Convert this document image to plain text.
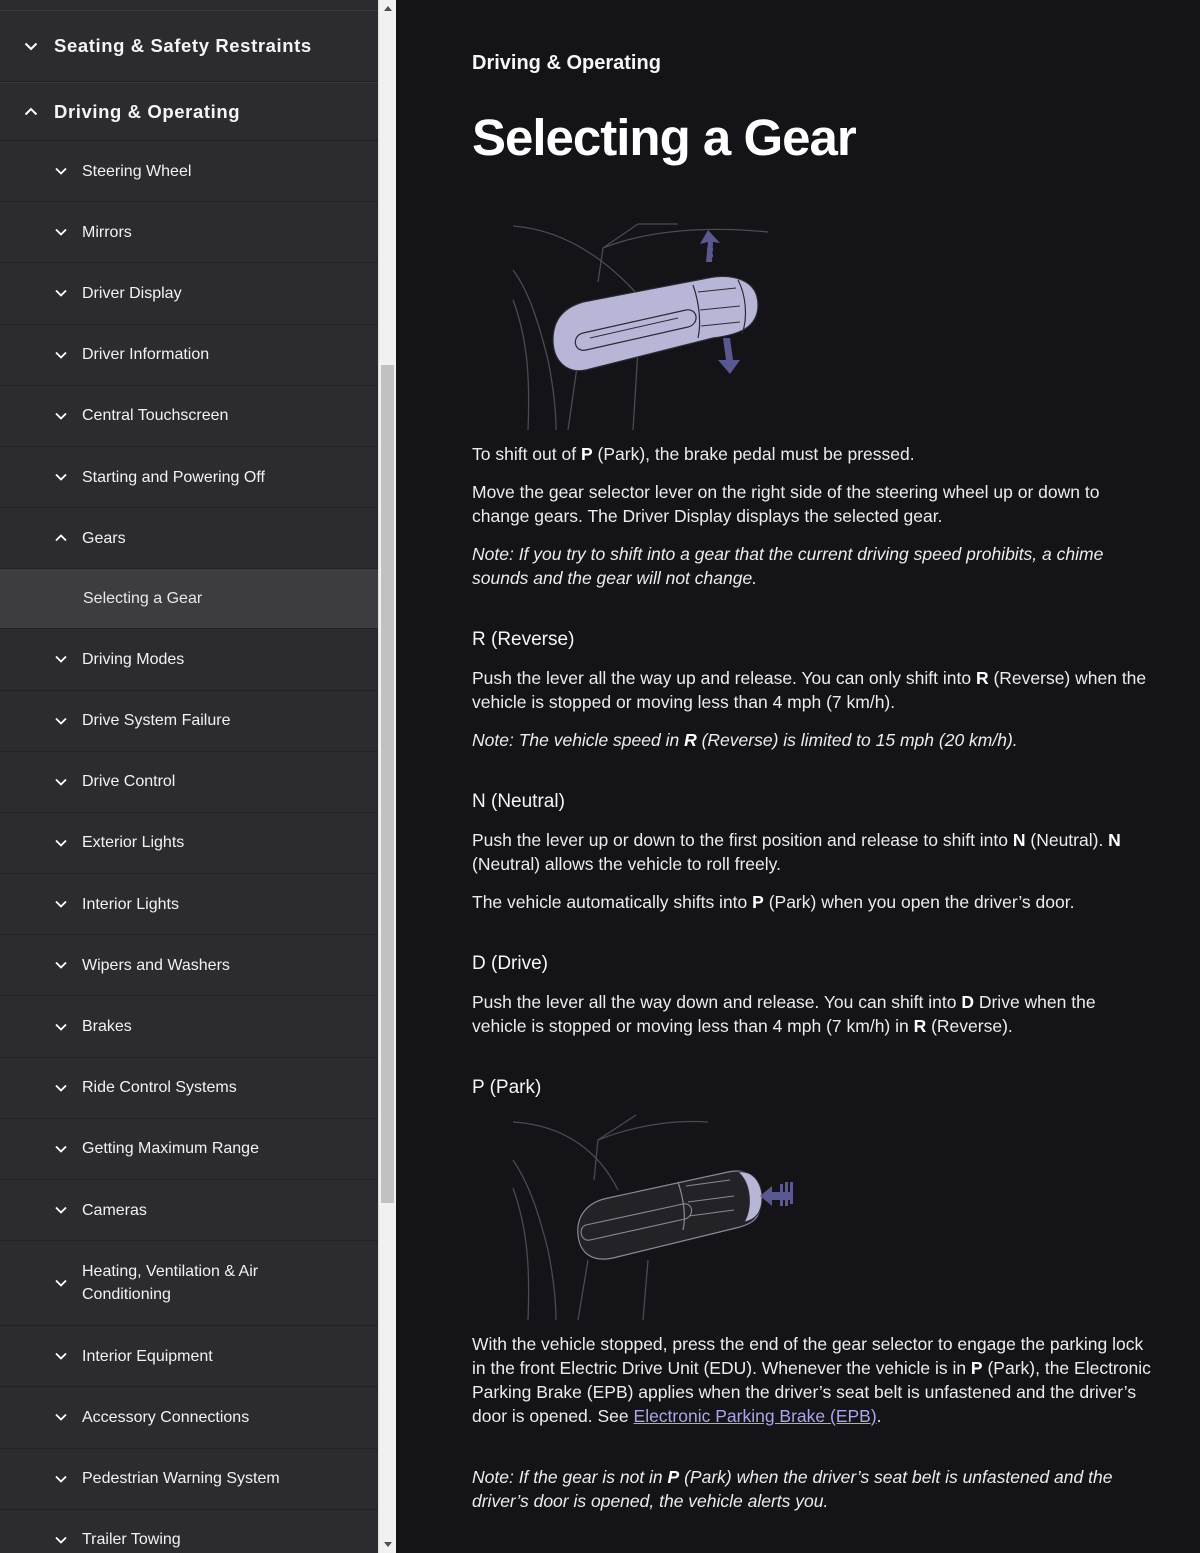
Seating & Safety Restraints
Driving & Operating
Steering Wheel
Mirrors
Driver Display
Driver Information
Central Touchscreen
Starting and Powering Off
Gears
Selecting a Gear
Driving Modes
Drive System Failure
Drive Control
Exterior Lights
Interior Lights
Wipers and Washers
Brakes
Ride Control Systems
Getting Maximum Range
Cameras
Heating, Ventilation & Air Conditioning
Interior Equipment
Accessory Connections
Pedestrian Warning System
Trailer Towing
Driving & Operating
Selecting a Gear

To shift out of P (Park), the brake pedal must be pressed.

Move the gear selector lever on the right side of the steering wheel up or down to change gears. The Driver Display displays the selected gear.

Note: If you try to shift into a gear that the current driving speed prohibits, a chime sounds and the gear will not change.

R (Reverse)

Push the lever all the way up and release. You can only shift into R (Reverse) when the vehicle is stopped or moving less than 4 mph (7 km/h).

Note: The vehicle speed in R (Reverse) is limited to 15 mph (20 km/h).

N (Neutral)

Push the lever up or down to the first position and release to shift into N (Neutral). N (Neutral) allows the vehicle to roll freely.

The vehicle automatically shifts into P (Park) when you open the driver’s door.

D (Drive)

Push the lever all the way down and release. You can shift into D Drive when the vehicle is stopped or moving less than 4 mph (7 km/h) in R (Reverse).

P (Park)

With the vehicle stopped, press the end of the gear selector to engage the parking lock in the front Electric Drive Unit (EDU). Whenever the vehicle is in P (Park), the Electronic Parking Brake (EPB) applies when the driver’s seat belt is unfastened and the driver’s door is opened. See Electronic Parking Brake (EPB).

Note: If the gear is not in P (Park) when the driver’s seat belt is unfastened and the driver’s door is opened, the vehicle alerts you.
